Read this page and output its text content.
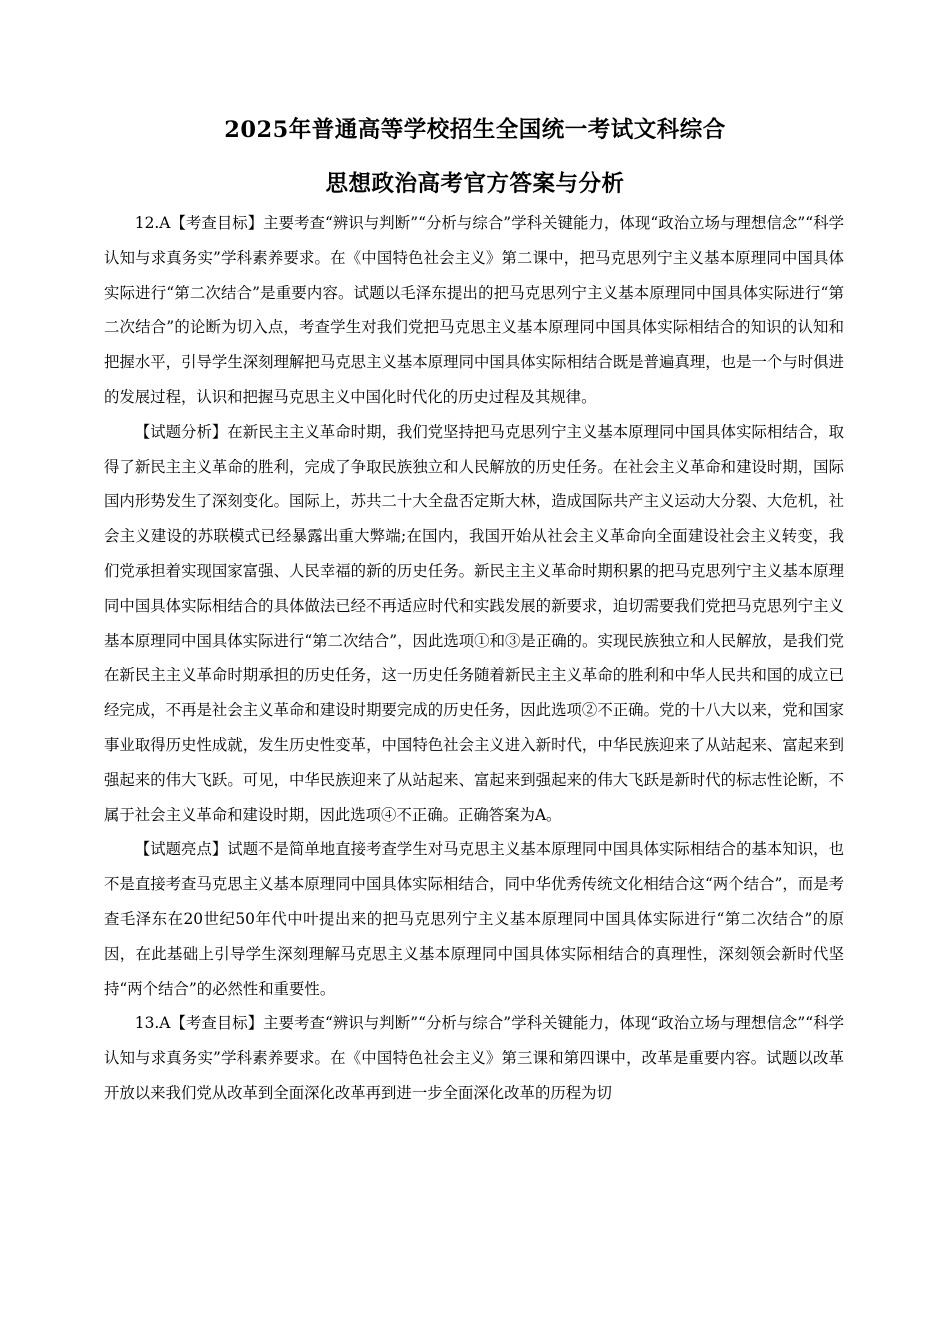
2025年普通高等学校招生全国统一考试文科综合
思想政治高考官方答案与分析

12.A【考查目标】主要考查“辨识与判断”“分析与综合”学科关键能力，体现“政治立场与理想信念”“科学认知与求真务实”学科素养要求。在《中国特色社会主义》第二课中，把马克思列宁主义基本原理同中国具体实际进行“第二次结合”是重要内容。试题以毛泽东提出的把马克思列宁主义基本原理同中国具体实际进行“第二次结合”的论断为切入点，考查学生对我们党把马克思主义基本原理同中国具体实际相结合的知识的认知和把握水平，引导学生深刻理解把马克思主义基本原理同中国具体实际相结合既是普遍真理，也是一个与时俱进的发展过程，认识和把握马克思主义中国化时代化的历史过程及其规律。

【试题分析】在新民主主义革命时期，我们党坚持把马克思列宁主义基本原理同中国具体实际相结合，取得了新民主主义革命的胜利，完成了争取民族独立和人民解放的历史任务。在社会主义革命和建设时期，国际国内形势发生了深刻变化。国际上，苏共二十大全盘否定斯大林，造成国际共产主义运动大分裂、大危机，社会主义建设的苏联模式已经暴露出重大弊端;在国内，我国开始从社会主义革命向全面建设社会主义转变，我们党承担着实现国家富强、人民幸福的新的历史任务。新民主主义革命时期积累的把马克思列宁主义基本原理同中国具体实际相结合的具体做法已经不再适应时代和实践发展的新要求，迫切需要我们党把马克思列宁主义基本原理同中国具体实际进行“第二次结合”，因此选项①和③是正确的。实现民族独立和人民解放，是我们党在新民主主义革命时期承担的历史任务，这一历史任务随着新民主主义革命的胜利和中华人民共和国的成立已经完成，不再是社会主义革命和建设时期要完成的历史任务，因此选项②不正确。党的十八大以来，党和国家事业取得历史性成就，发生历史性变革，中国特色社会主义进入新时代，中华民族迎来了从站起来、富起来到强起来的伟大飞跃。可见，中华民族迎来了从站起来、富起来到强起来的伟大飞跃是新时代的标志性论断，不属于社会主义革命和建设时期，因此选项④不正确。正确答案为A。

【试题亮点】试题不是简单地直接考查学生对马克思主义基本原理同中国具体实际相结合的基本知识，也不是直接考查马克思主义基本原理同中国具体实际相结合，同中华优秀传统文化相结合这“两个结合”，而是考查毛泽东在20世纪50年代中叶提出来的把马克思列宁主义基本原理同中国具体实际进行“第二次结合”的原因，在此基础上引导学生深刻理解马克思主义基本原理同中国具体实际相结合的真理性，深刻领会新时代坚持“两个结合”的必然性和重要性。

13.A【考查目标】主要考查“辨识与判断”“分析与综合”学科关键能力，体现“政治立场与理想信念”“科学认知与求真务实”学科素养要求。在《中国特色社会主义》第三课和第四课中，改革是重要内容。试题以改革开放以来我们党从改革到全面深化改革再到进一步全面深化改革的历程为切
